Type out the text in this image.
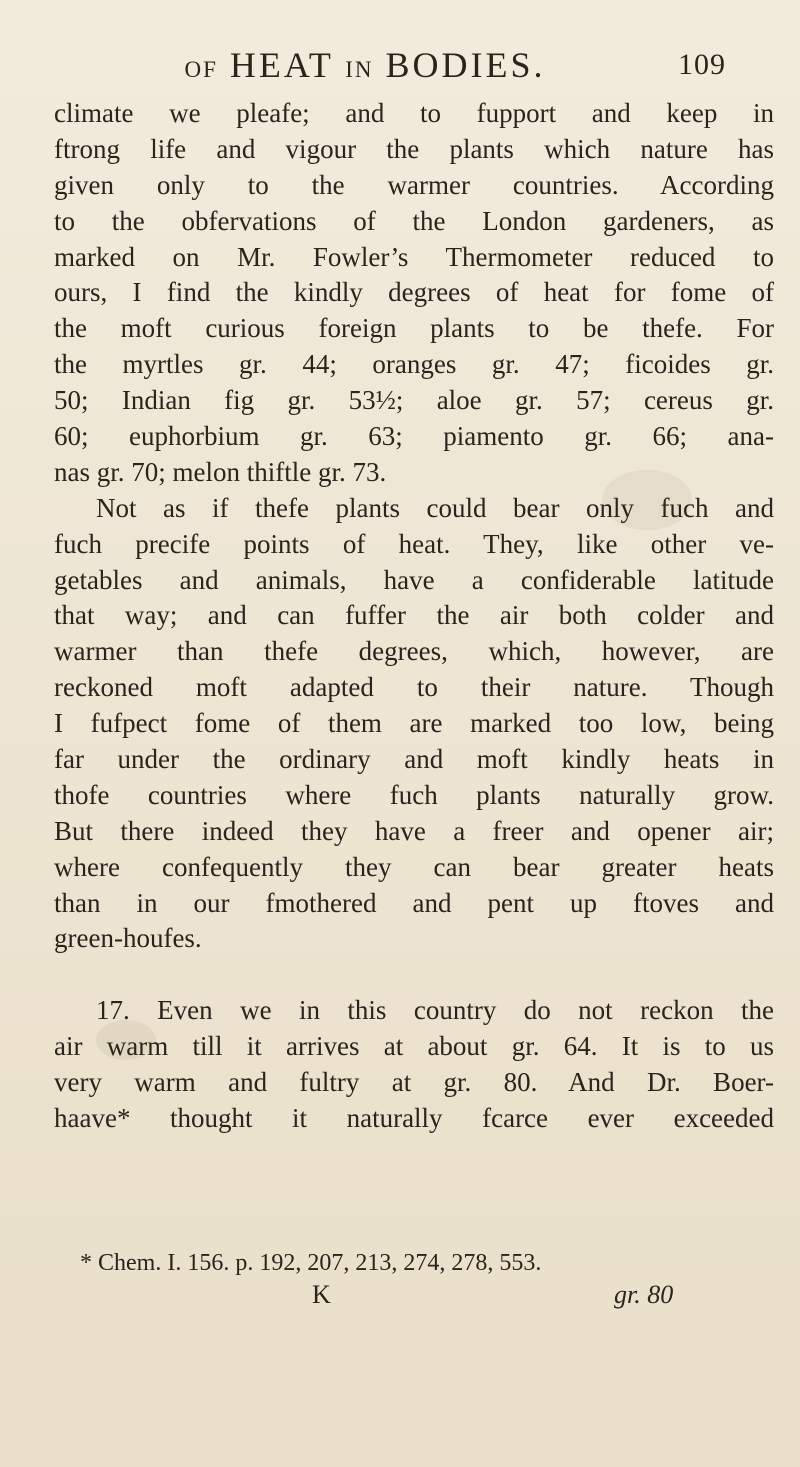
OF HEAT IN BODIES.	109
climate we pleafe; and to fupport and keep in
ftrong life and vigour the plants which nature has
given only to the warmer countries. According
to the obfervations of the London gardeners, as
marked on Mr. Fowler’s Thermometer reduced to
ours, I find the kindly degrees of heat for fome of
the moft curious foreign plants to be thefe. For
the myrtles gr. 44; oranges gr. 47; ficoides gr.
50; Indian fig gr. 53½; aloe gr. 57; cereus gr.
60; euphorbium gr. 63; piamento gr. 66; ana-
nas gr. 70; melon thiftle gr. 73.
Not as if thefe plants could bear only fuch and
fuch precife points of heat. They, like other ve-
getables and animals, have a confiderable latitude
that way; and can fuffer the air both colder and
warmer than thefe degrees, which, however, are
reckoned moft adapted to their nature. Though
I fufpect fome of them are marked too low, being
far under the ordinary and moft kindly heats in
thofe countries where fuch plants naturally grow.
But there indeed they have a freer and opener air;
where confequently they can bear greater heats
than in our fmothered and pent up ftoves and
green-houfes.
17. Even we in this country do not reckon the
air warm till it arrives at about gr. 64. It is to us
very warm and fultry at gr. 80. And Dr. Boer-
haave* thought it naturally fcarce ever exceeded
* Chem. I. 156. p. 192, 207, 213, 274, 278, 553.
K	gr. 80
